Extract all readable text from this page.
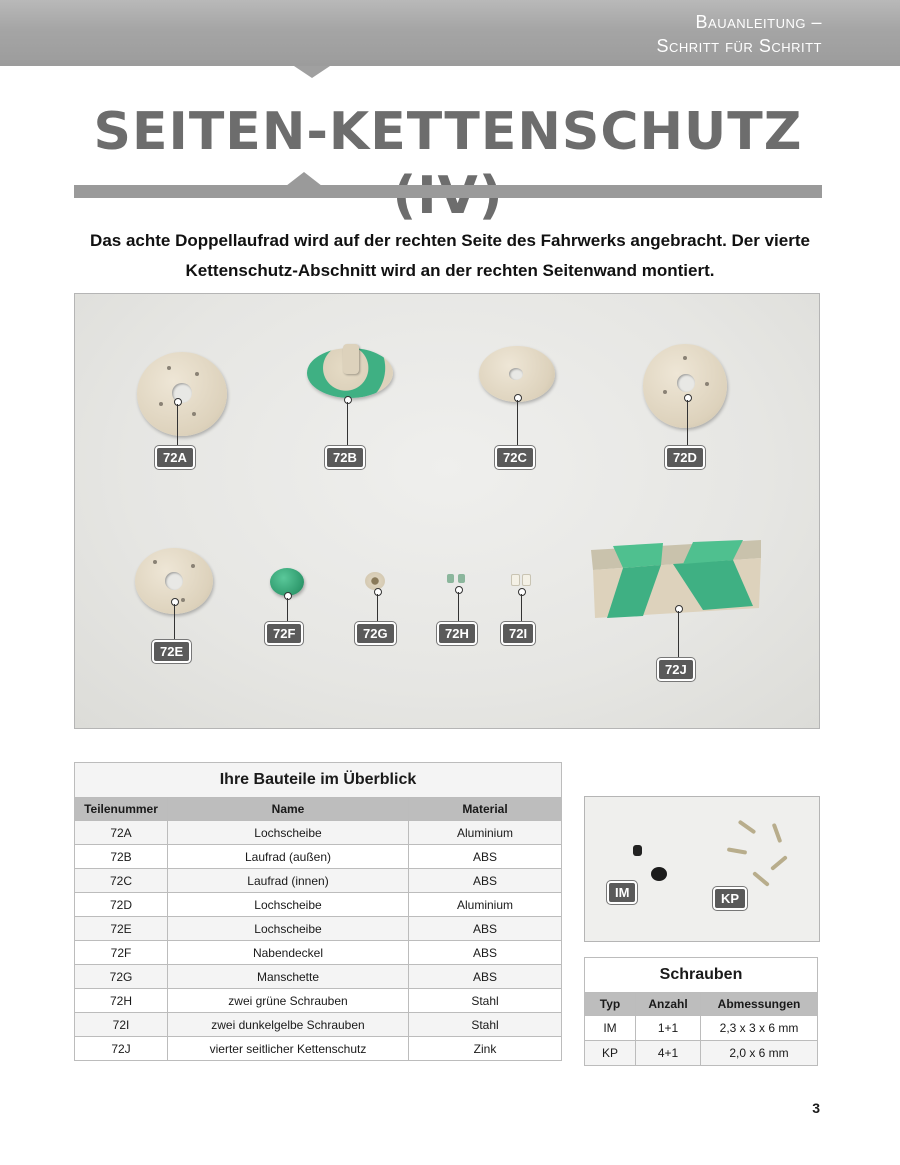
Bauanleitung –
Schritt für Schritt
SEITEN-KETTENSCHUTZ
Das achte Doppellaufrad wird auf der rechten Seite des Fahrwerks angebracht. Der vierte Kettenschutz-Abschnitt wird an der rechten Seitenwand montiert.
72A	72B	72C	72D
72E
72F	72G	72H	72I
72J
Ihre Bauteile im Überblick		
Teilenummer	Name	Material
72A	Lochscheibe	Aluminium
72B	Laufrad (außen)	ABS
72C	Laufrad (innen)	ABS
72D	Lochscheibe	Aluminium
72E	Lochscheibe	ABS
72F	Nabendeckel	ABS
72G	Manschette	ABS
72H	zwei grüne Schrauben	Stahl
72I	zwei dunkelgelbe Schrauben	Stahl
72J	vierter seitlicher Kettenschutz	Zink
IM	KP
Schrauben		
Typ	Anzahl	Abmessungen
IM	1+1	2,3 x 3 x 6 mm
KP	4+1	2,0 x 6 mm
3
